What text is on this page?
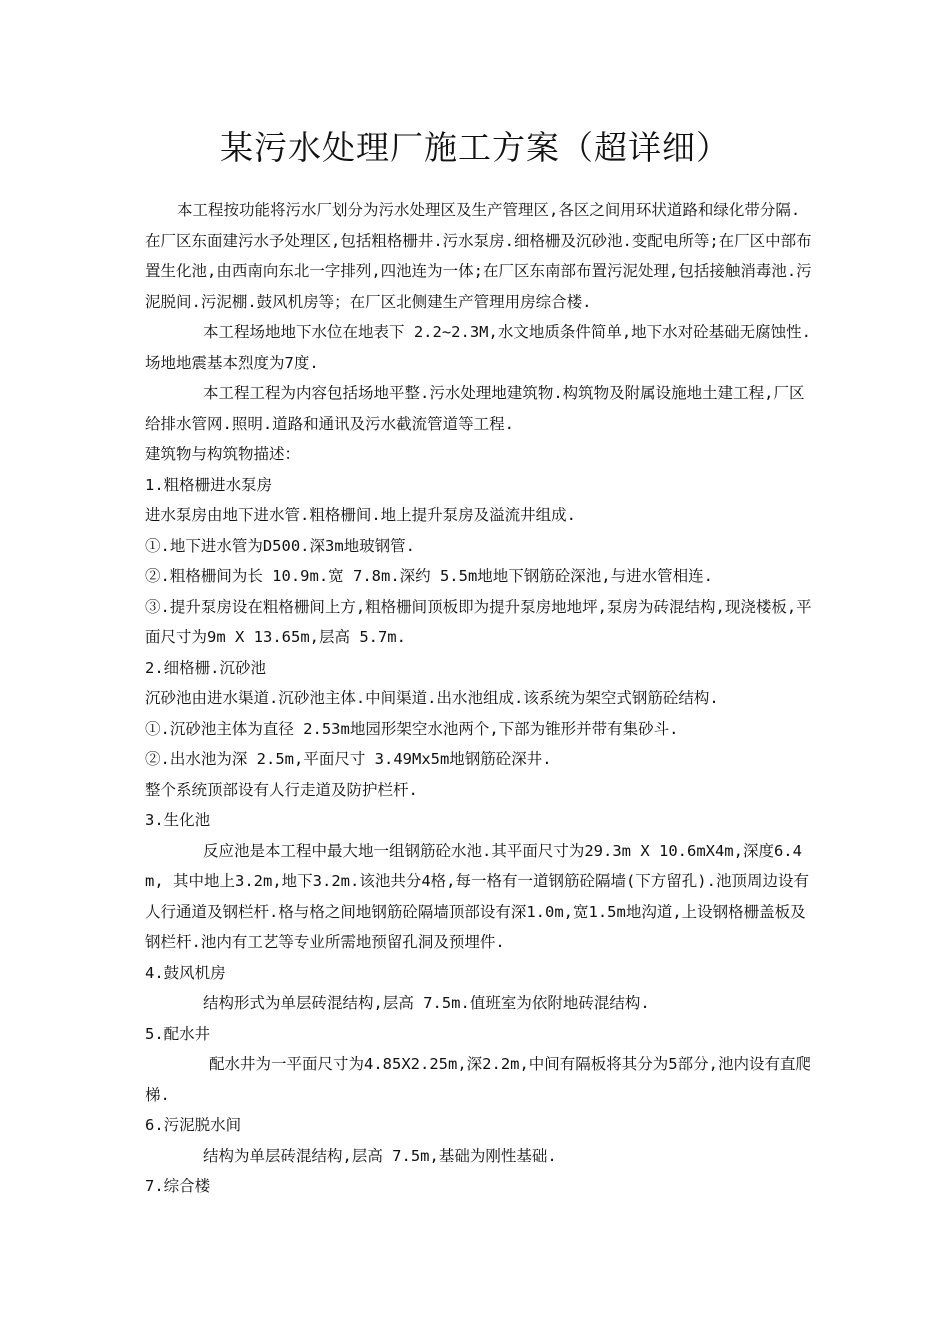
某污水处理厂施工方案（超详细）

本工程按功能将污水厂划分为污水处理区及生产管理区,各区之间用环状道路和绿化带分隔.在厂区东面建污水予处理区,包括粗格栅井.污水泵房.细格栅及沉砂池.变配电所等;在厂区中部布置生化池,由西南向东北一字排列,四池连为一体;在厂区东南部布置污泥处理,包括接触消毒池.污泥脱间.污泥棚.鼓风机房等；在厂区北侧建生产管理用房综合楼.

本工程场地地下水位在地表下 2.2~2.3M,水文地质条件简单,地下水对砼基础无腐蚀性.场地地震基本烈度为7度.

本工程工程为内容包括场地平整.污水处理地建筑物.构筑物及附属设施地土建工程,厂区给排水管网.照明.道路和通讯及污水截流管道等工程.

建筑物与构筑物描述：

1.粗格栅进水泵房

进水泵房由地下进水管.粗格栅间.地上提升泵房及溢流井组成.

①.地下进水管为D500.深3m地玻钢管.

②.粗格栅间为长 10.9m.宽 7.8m.深约 5.5m地地下钢筋砼深池,与进水管相连.

③.提升泵房设在粗格栅间上方,粗格栅间顶板即为提升泵房地地坪,泵房为砖混结构,现浇楼板,平面尺寸为9m X 13.65m,层高 5.7m.

2.细格栅.沉砂池

沉砂池由进水渠道.沉砂池主体.中间渠道.出水池组成.该系统为架空式钢筋砼结构.

①.沉砂池主体为直径 2.53m地园形架空水池两个,下部为锥形并带有集砂斗.

②.出水池为深 2.5m,平面尺寸 3.49Mx5m地钢筋砼深井.

整个系统顶部设有人行走道及防护栏杆.

3.生化池

反应池是本工程中最大地一组钢筋砼水池.其平面尺寸为29.3m X 10.6mX4m,深度6.4m, 其中地上3.2m,地下3.2m.该池共分4格,每一格有一道钢筋砼隔墙(下方留孔).池顶周边设有人行通道及钢栏杆.格与格之间地钢筋砼隔墙顶部设有深1.0m,宽1.5m地沟道,上设钢格栅盖板及钢栏杆.池内有工艺等专业所需地预留孔洞及预埋件.

4.鼓风机房

结构形式为单层砖混结构,层高 7.5m.值班室为依附地砖混结构.

5.配水井

配水井为一平面尺寸为4.85X2.25m,深2.2m,中间有隔板将其分为5部分,池内设有直爬梯.

6.污泥脱水间

结构为单层砖混结构,层高 7.5m,基础为刚性基础.

7.综合楼
